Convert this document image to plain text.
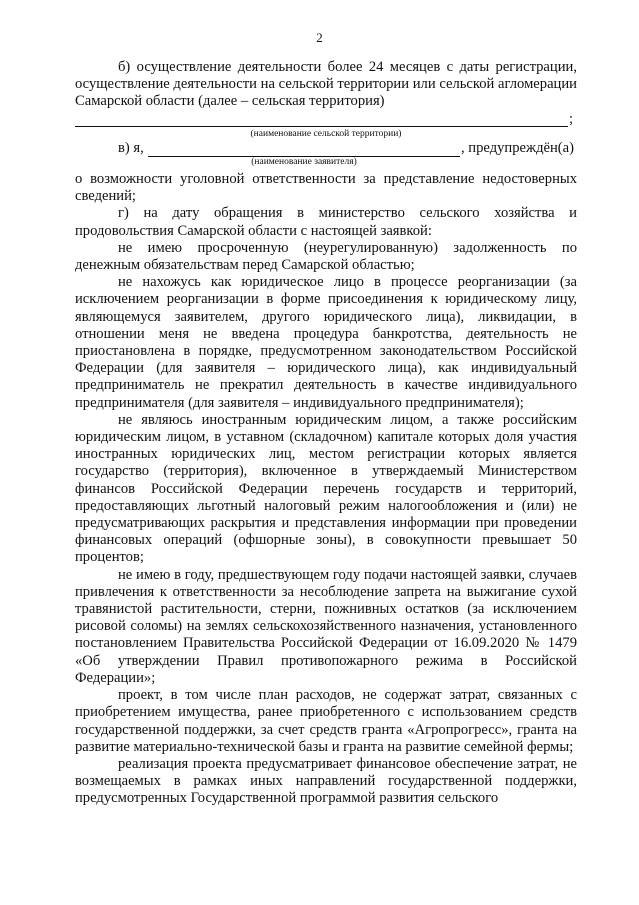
2

б) осуществление деятельности более 24 месяцев с даты регистрации, осуществление деятельности на сельской территории или сельской агломерации Самарской области (далее – сельская территория)

;
(наименование сельской территории)
в) я,	, предупреждён(а)
(наименование заявителя)

о возможности уголовной ответственности за представление недостоверных сведений;

г) на дату обращения в министерство сельского хозяйства и продовольствия Самарской области с настоящей заявкой:

не имею просроченную (неурегулированную) задолженность по денежным обязательствам перед Самарской областью;

не нахожусь как юридическое лицо в процессе реорганизации (за исключением реорганизации в форме присоединения к юридическому лицу, являющемуся заявителем, другого юридического лица), ликвидации, в отношении меня не введена процедура банкротства, деятельность не приостановлена в порядке, предусмотренном законодательством Российской Федерации (для заявителя – юридического лица), как индивидуальный предприниматель не прекратил деятельность в качестве индивидуального предпринимателя (для заявителя – индивидуального предпринимателя);

не являюсь иностранным юридическим лицом, а также российским юридическим лицом, в уставном (складочном) капитале которых доля участия иностранных юридических лиц, местом регистрации которых является государство (территория), включенное в утверждаемый Министерством финансов Российской Федерации перечень государств и территорий, предоставляющих льготный налоговый режим налогообложения и (или) не предусматривающих раскрытия и представления информации при проведении финансовых операций (офшорные зоны), в совокупности превышает 50 процентов;

не имею в году, предшествующем году подачи настоящей заявки, случаев привлечения к ответственности за несоблюдение запрета на выжигание сухой травянистой растительности, стерни, пожнивных остатков (за исключением рисовой соломы) на землях сельскохозяйственного назначения, установленного постановлением Правительства Российской Федерации от 16.09.2020 № 1479 «Об утверждении Правил противопожарного режима в Российской Федерации»;

проект, в том числе план расходов, не содержат затрат, связанных с приобретением имущества, ранее приобретенного с использованием средств государственной поддержки, за счет средств гранта «Агропрогресс», гранта на развитие материально-технической базы и гранта на развитие семейной фермы;

реализация проекта предусматривает финансовое обеспечение затрат, не возмещаемых в рамках иных направлений государственной поддержки, предусмотренных Государственной программой развития сельского
